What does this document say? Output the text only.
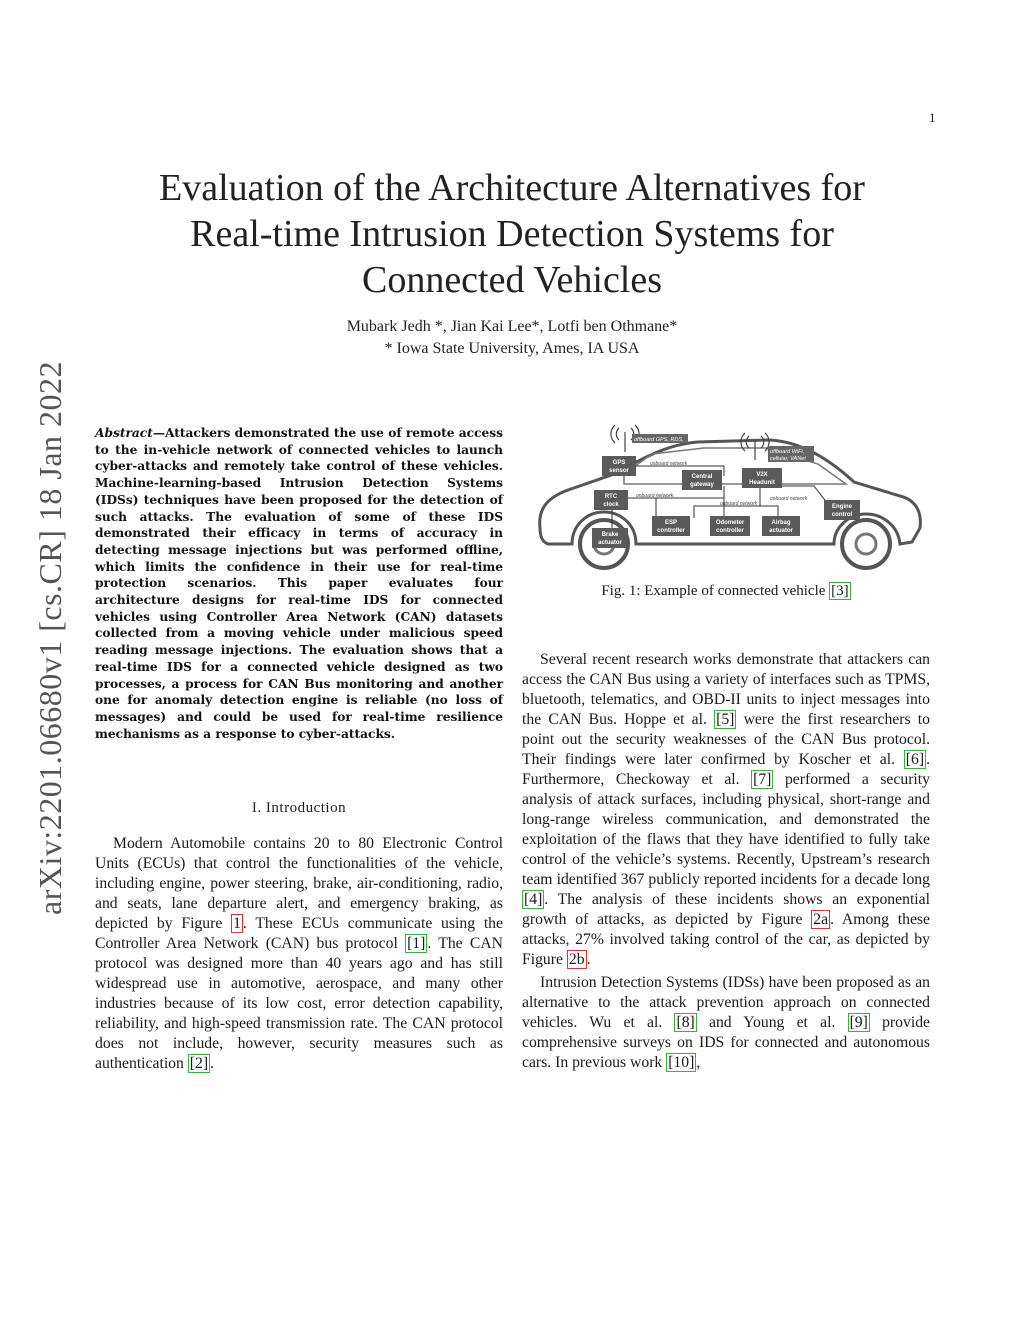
1
arXiv:2201.06680v1 [cs.CR] 18 Jan 2022
Evaluation of the Architecture Alternatives for
Real-time Intrusion Detection Systems for
Connected Vehicles
Mubark Jedh *, Jian Kai Lee*, Lotfi ben Othmane*
* Iowa State University, Ames, IA USA
Abstract—Attackers demonstrated the use of remote access to the in-vehicle network of connected vehicles to launch cyber-attacks and remotely take control of these vehicles. Machine-learning-based Intrusion Detection Systems (IDSs) techniques have been proposed for the detection of such attacks. The evaluation of some of these IDS demonstrated their efficacy in terms of accuracy in detecting message injections but was performed offline, which limits the confidence in their use for real-time protection scenarios. This paper evaluates four architecture designs for real-time IDS for connected vehicles using Controller Area Network (CAN) datasets collected from a moving vehicle under malicious speed reading message injections. The evaluation shows that a real-time IDS for a connected vehicle designed as two processes, a process for CAN Bus monitoring and another one for anomaly detection engine is reliable (no loss of messages) and could be used for real-time resilience mechanisms as a response to cyber-attacks.
I. Introduction

Modern Automobile contains 20 to 80 Electronic Control Units (ECUs) that control the functionalities of the vehicle, including engine, power steering, brake, air-conditioning, radio, and seats, lane departure alert, and emergency braking, as depicted by Figure 1 . These ECUs communicate using the Controller Area Network (CAN) bus protocol [1] . The CAN protocol was designed more than 40 years ago and has still widespread use in automotive, aerospace, and many other industries because of its low cost, error detection capability, reliability, and high-speed transmission rate. The CAN protocol does not include, however, security measures such as authentication [2] .

offboard GPS, RDS,
offboard WiFi,
cellular, VANet
onboard network
onboard network
onboard network
onboard network
GPS
sensor
RTC
clock
Brake
actuator
Central
gateway
V2X
Headunit
ESP
controller
Odometer
controller
Airbag
actuator
Engine
control
Fig. 1: Example of connected vehicle [3]

Several recent research works demonstrate that attackers can access the CAN Bus using a variety of interfaces such as TPMS, bluetooth, telematics, and OBD-II units to inject messages into the CAN Bus. Hoppe et al. [5] were the first researchers to point out the security weaknesses of the CAN Bus protocol. Their findings were later confirmed by Koscher et al. [6] . Furthermore, Checkoway et al. [7] performed a security analysis of attack surfaces, including physical, short-range and long-range wireless communication, and demonstrated the exploitation of the flaws that they have identified to fully take control of the vehicle’s systems. Recently, Upstream’s research team identified 367 publicly reported incidents for a decade long [4] . The analysis of these incidents shows an exponential growth of attacks, as depicted by Figure 2a . Among these attacks, 27% involved taking control of the car, as depicted by Figure 2b .

Intrusion Detection Systems (IDSs) have been proposed as an alternative to the attack prevention approach on connected vehicles. Wu et al. [8] and Young et al. [9] provide comprehensive surveys on IDS for connected and autonomous cars. In previous work [10] ,
